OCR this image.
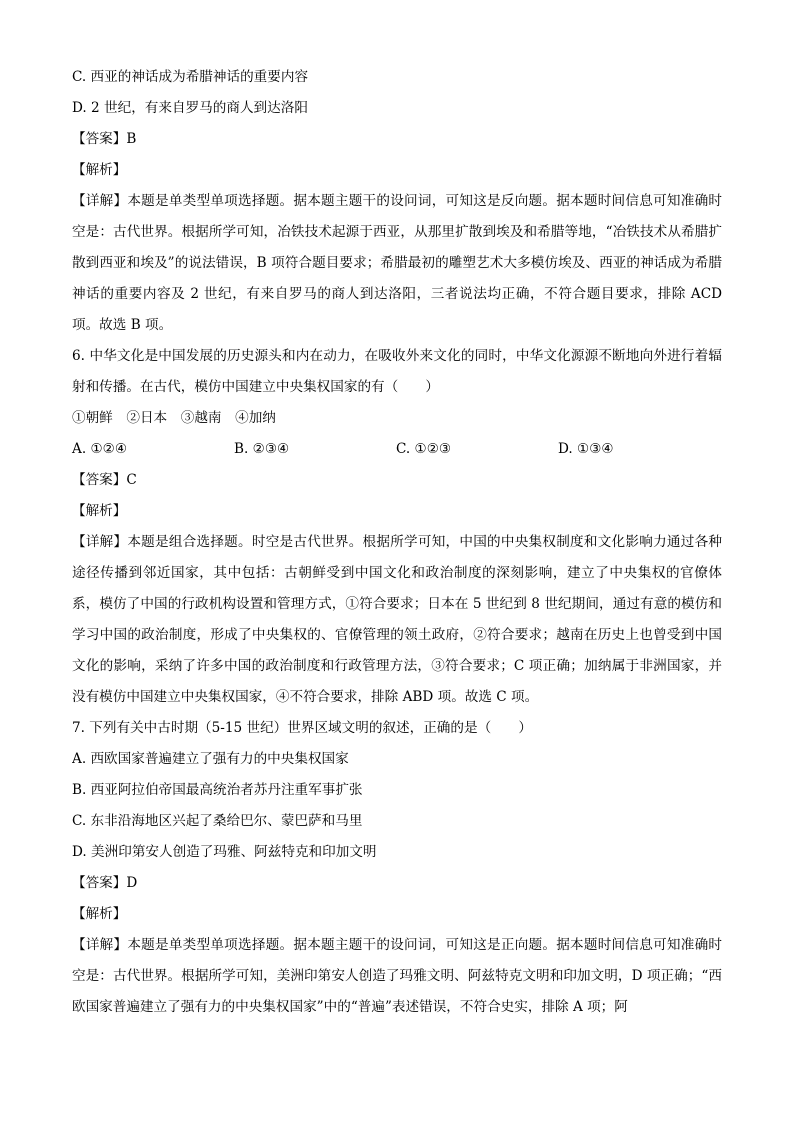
C. 西亚的神话成为希腊神话的重要内容
D. 2 世纪，有来自罗马的商人到达洛阳
【答案】B
【解析】
【详解】本题是单类型单项选择题。据本题主题干的设问词，可知这是反向题。据本题时间信息可知准确时空是：古代世界。根据所学可知，冶铁技术起源于西亚，从那里扩散到埃及和希腊等地，“冶铁技术从希腊扩散到西亚和埃及”的说法错误，B 项符合题目要求；希腊最初的雕塑艺术大多模仿埃及、西亚的神话成为希腊神话的重要内容及 2 世纪，有来自罗马的商人到达洛阳，三者说法均正确，不符合题目要求，排除 ACD 项。故选 B 项。
6. 中华文化是中国发展的历史源头和内在动力，在吸收外来文化的同时，中华文化源源不断地向外进行着辐射和传播。在古代，模仿中国建立中央集权国家的有（　　）
①朝鲜　②日本　③越南　④加纳
A. ①②④	B. ②③④	C. ①②③	D. ①③④
【答案】C
【解析】
【详解】本题是组合选择题。时空是古代世界。根据所学可知，中国的中央集权制度和文化影响力通过各种途径传播到邻近国家，其中包括：古朝鲜受到中国文化和政治制度的深刻影响，建立了中央集权的官僚体系，模仿了中国的行政机构设置和管理方式，①符合要求；日本在 5 世纪到 8 世纪期间，通过有意的模仿和学习中国的政治制度，形成了中央集权的、官僚管理的领土政府，②符合要求；越南在历史上也曾受到中国文化的影响，采纳了许多中国的政治制度和行政管理方法，③符合要求；C 项正确；加纳属于非洲国家，并没有模仿中国建立中央集权国家，④不符合要求，排除 ABD 项。故选 C 项。
7. 下列有关中古时期（5-15 世纪）世界区域文明的叙述，正确的是（　　）
A. 西欧国家普遍建立了强有力的中央集权国家
B. 西亚阿拉伯帝国最高统治者苏丹注重军事扩张
C. 东非沿海地区兴起了桑给巴尔、蒙巴萨和马里
D. 美洲印第安人创造了玛雅、阿兹特克和印加文明
【答案】D
【解析】
【详解】本题是单类型单项选择题。据本题主题干的设问词，可知这是正向题。据本题时间信息可知准确时空是：古代世界。根据所学可知，美洲印第安人创造了玛雅文明、阿兹特克文明和印加文明，D 项正确；“西欧国家普遍建立了强有力的中央集权国家”中的“普遍”表述错误，不符合史实，排除 A 项；阿
